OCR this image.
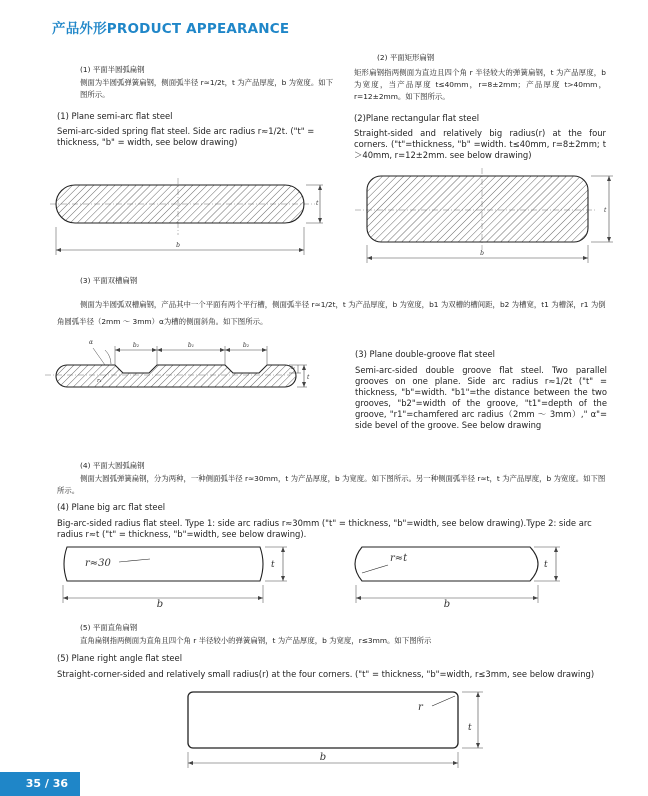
产品外形PRODUCT APPEARANCE
(1) 平面半圆弧扁钢
侧面为半圆弧弹簧扁钢，侧面弧半径 r≈1/2t，t 为产品厚度，b 为宽度。如下图所示。
(1) Plane semi-arc flat steel
Semi-arc-sided spring flat steel. Side arc radius r≈1/2t. ("t" = thickness, "b" = width, see below drawing)
b
t
(2) 平面矩形扁钢
矩形扁钢指两侧面为直边且四个角 r 半径较大的弹簧扁钢，t 为产品厚度，b 为宽度，当产品厚度 t≤40mm，r=8±2mm；产品厚度 t>40mm，r=12±2mm。如下图所示。
(2)Plane rectangular flat steel
Straight-sided and relatively big radius(r) at the four corners. ("t"=thickness, "b" =width. t≤40mm, r=8±2mm; t＞40mm, r=12±2mm. see below drawing)
b
t
(3) 平面双槽扁钢
侧面为半圆弧双槽扁钢，产品其中一个平面有两个平行槽，侧面弧半径 r≈1/2t，t 为产品厚度，b 为宽度，b1 为双槽的槽间距，b2 为槽宽，t1 为槽深，r1 为倒角圆弧半径（2mm ～ 3mm）α为槽的侧面斜角。如下图所示。
(3) Plane double-groove flat steel
Semi-arc-sided double groove flat steel. Two parallel grooves on one plane. Side arc radius r≈1/2t ("t" = thickness, "b"=width. "b1"=the distance between the two grooves, "b2"=width of the groove, "t1"=depth of the groove, "r1"=chamfered arc radius（2mm ～ 3mm）," α"= side bevel of the groove. See below drawing
b₂	b₁	b₂
α
r₁
t₁
t
(4) 平面大圆弧扁钢
侧面大圆弧弹簧扁钢，分为两种，一种侧面弧半径 r≈30mm，t 为产品厚度，b 为宽度。如下图所示。另一种侧面弧半径 r≈t，t 为产品厚度，b 为宽度。如下图所示。
(4) Plane big arc flat steel
Big-arc-sided radius flat steel. Type 1: side arc radius r≈30mm ("t" = thickness, "b"=width, see below drawing).Type 2: side arc radius r≈t ("t" = thickness, "b"=width, see below drawing).
r≈30
b
t
r≈t
b
t
(5) 平面直角扁钢
直角扁钢指两侧面为直角且四个角 r 半径较小的弹簧扁钢，t 为产品厚度，b 为宽度，r≤3mm。如下图所示
(5) Plane right angle flat steel
Straight-corner-sided and relatively small radius(r) at the four corners. ("t" = thickness, "b"=width, r≤3mm, see below drawing)
r
t
b
35 / 36
